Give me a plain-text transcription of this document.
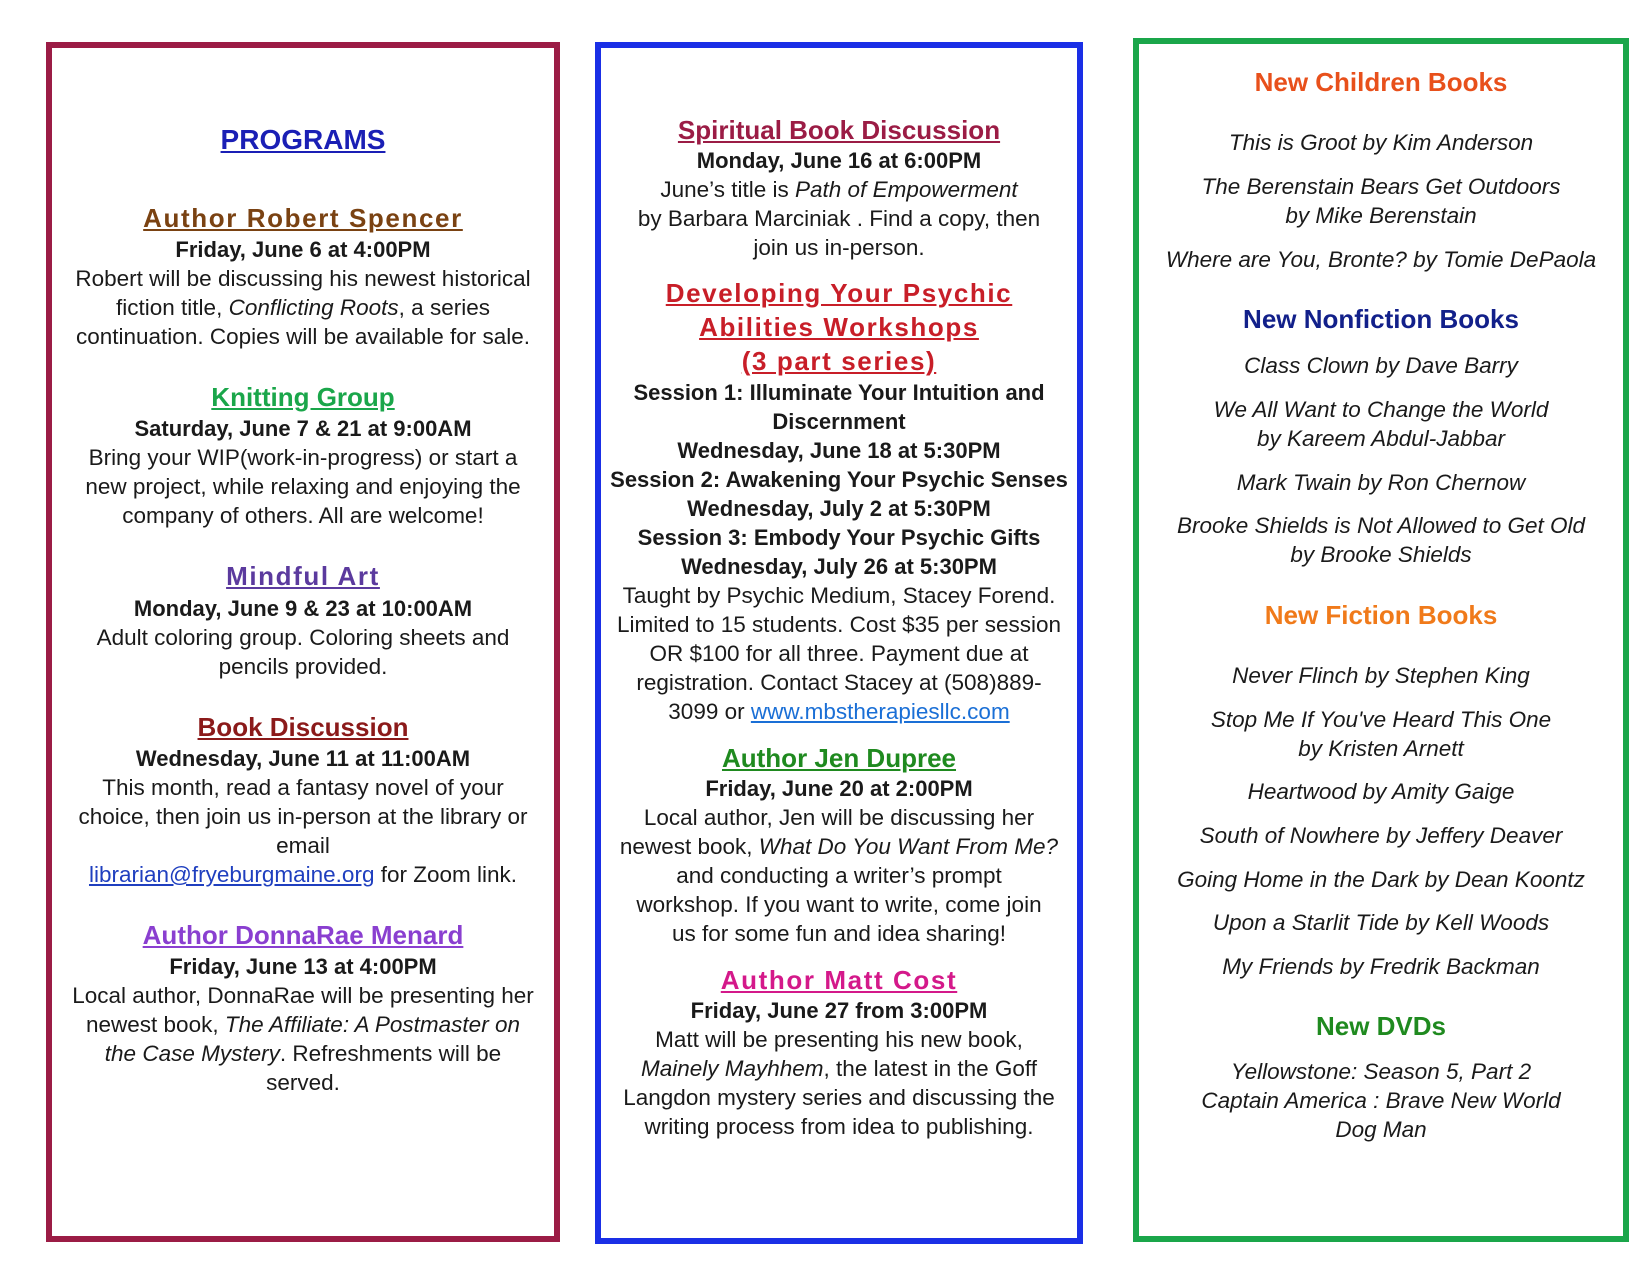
PROGRAMS
Author Robert Spencer
Friday, June 6 at 4:00PM
Robert will be discussing his newest historical
fiction title, Conflicting Roots, a series
continuation. Copies will be available for sale.
Knitting Group
Saturday, June 7 & 21 at 9:00AM
Bring your WIP(work-in-progress) or start a
new project, while relaxing and enjoying the
company of others. All are welcome!
Mindful Art
Monday, June 9 & 23 at 10:00AM
Adult coloring group. Coloring sheets and
pencils provided.
Book Discussion
Wednesday, June 11 at 11:00AM
This month, read a fantasy novel of your
choice, then join us in-person at the library or
email
librarian@fryeburgmaine.org for Zoom link.
Author DonnaRae Menard
Friday, June 13 at 4:00PM
Local author, DonnaRae will be presenting her
newest book, The Affiliate: A Postmaster on
the Case Mystery. Refreshments will be
served.
Spiritual Book Discussion
Monday, June 16 at 6:00PM
June’s title is Path of Empowerment
by Barbara Marciniak . Find a copy, then
join us in-person.
Developing Your Psychic
Abilities Workshops
(3 part series)
Session 1: Illuminate Your Intuition and
Discernment
Wednesday, June 18 at 5:30PM
Session 2: Awakening Your Psychic Senses
Wednesday, July 2 at 5:30PM
Session 3: Embody Your Psychic Gifts
Wednesday, July 26 at 5:30PM
Taught by Psychic Medium, Stacey Forend.
Limited to 15 students. Cost $35 per session
OR $100 for all three. Payment due at
registration. Contact Stacey at (508)889-
3099 or www.mbstherapiesllc.com
Author Jen Dupree
Friday, June 20 at 2:00PM
Local author, Jen will be discussing her
newest book, What Do You Want From Me?
and conducting a writer’s prompt
workshop. If you want to write, come join
us for some fun and idea sharing!
Author Matt Cost
Friday, June 27 from 3:00PM
Matt will be presenting his new book,
Mainely Mayhhem, the latest in the Goff
Langdon mystery series and discussing the
writing process from idea to publishing.
New Children Books
This is Groot by Kim Anderson
The Berenstain Bears Get Outdoors
by Mike Berenstain
Where are You, Bronte? by Tomie DePaola
New Nonfiction Books
Class Clown by Dave Barry
We All Want to Change the World
by Kareem Abdul-Jabbar
Mark Twain by Ron Chernow
Brooke Shields is Not Allowed to Get Old
by Brooke Shields
New Fiction Books
Never Flinch by Stephen King
Stop Me If You've Heard This One
by Kristen Arnett
Heartwood by Amity Gaige
South of Nowhere by Jeffery Deaver
Going Home in the Dark by Dean Koontz
Upon a Starlit Tide by Kell Woods
My Friends by Fredrik Backman
New DVDs
Yellowstone: Season 5, Part 2
Captain America : Brave New World
Dog Man
